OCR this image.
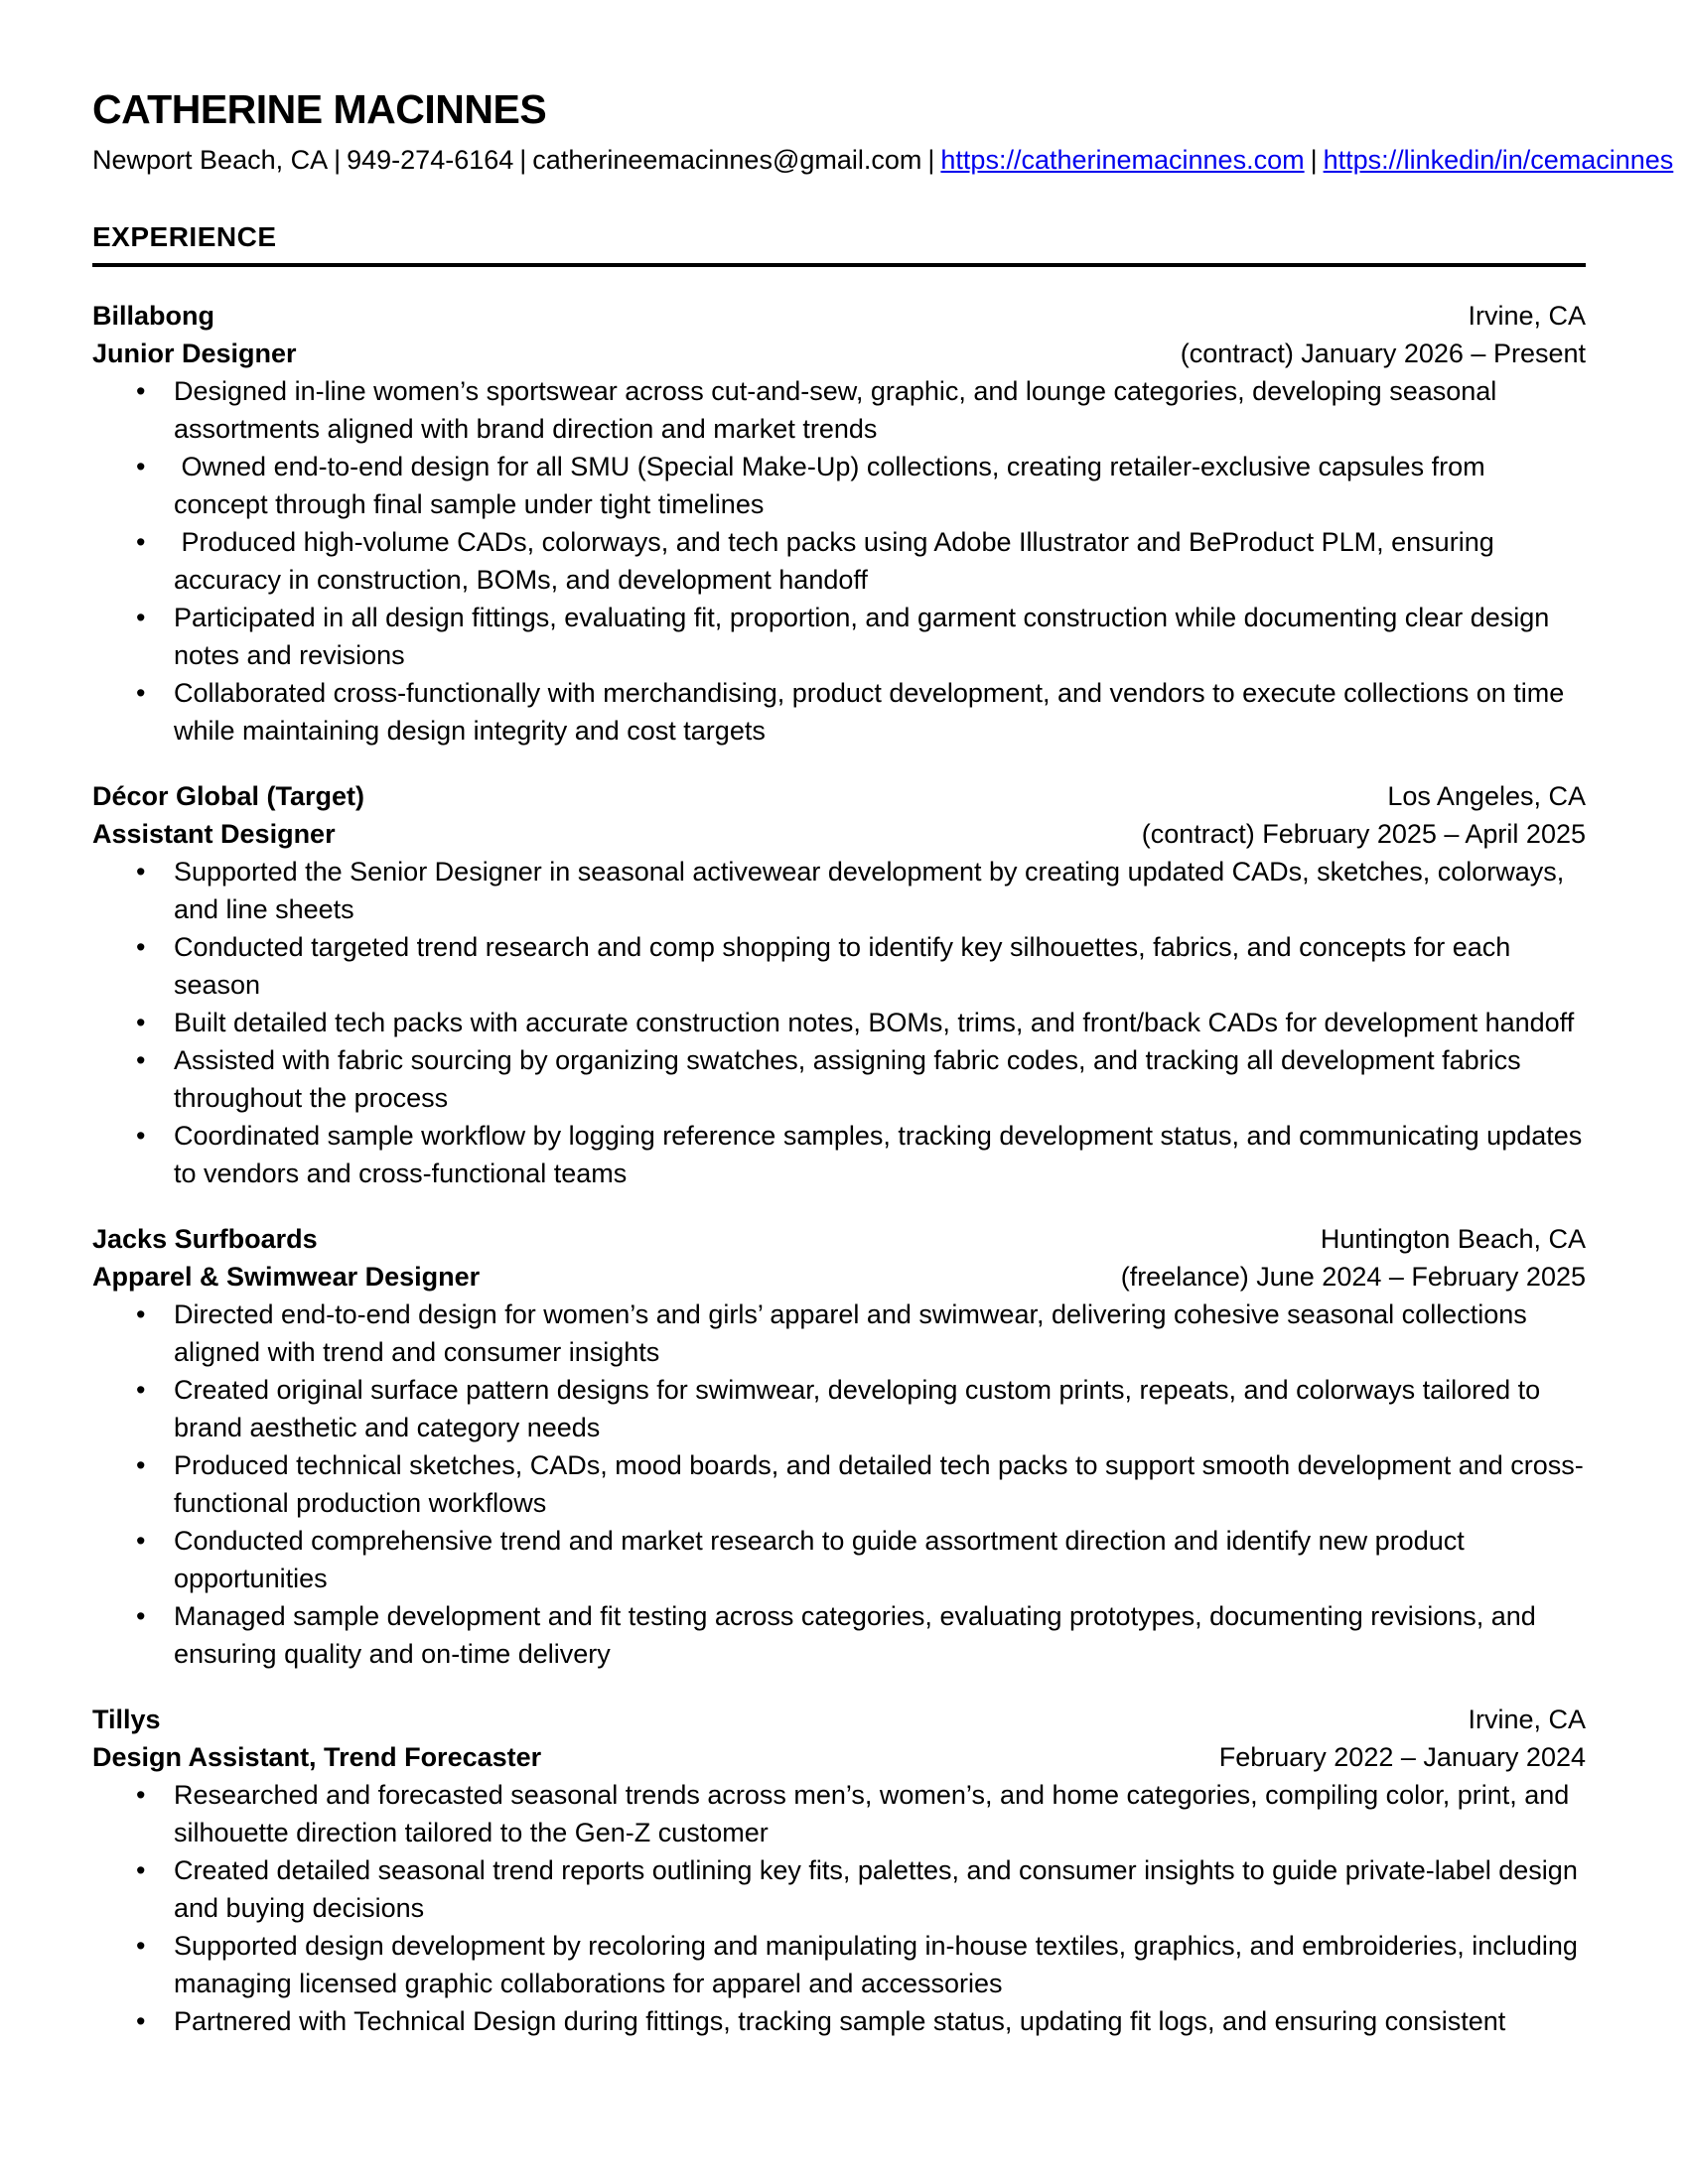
CATHERINE MACINNES

Newport Beach, CA | 949-274-6164 | catherineemacinnes@gmail.com | https://catherinemacinnes.com | https://linkedin/in/cemacinnes

EXPERIENCE
Billabong	Irvine, CA
Junior Designer	(contract) January 2026 – Present
• Designed in-line women’s sportswear across cut-and-sew, graphic, and lounge categories, developing seasonal assortments aligned with brand direction and market trends
•  Owned end-to-end design for all SMU (Special Make-Up) collections, creating retailer-exclusive capsules from concept through final sample under tight timelines
•  Produced high-volume CADs, colorways, and tech packs using Adobe Illustrator and BeProduct PLM, ensuring accuracy in construction, BOMs, and development handoff
• Participated in all design fittings, evaluating fit, proportion, and garment construction while documenting clear design notes and revisions
• Collaborated cross-functionally with merchandising, product development, and vendors to execute collections on time while maintaining design integrity and cost targets
Décor Global (Target)	Los Angeles, CA
Assistant Designer	(contract) February 2025 – April 2025
• Supported the Senior Designer in seasonal activewear development by creating updated CADs, sketches, colorways, and line sheets
• Conducted targeted trend research and comp shopping to identify key silhouettes, fabrics, and concepts for each season
• Built detailed tech packs with accurate construction notes, BOMs, trims, and front/back CADs for development handoff
• Assisted with fabric sourcing by organizing swatches, assigning fabric codes, and tracking all development fabrics throughout the process
• Coordinated sample workflow by logging reference samples, tracking development status, and communicating updates to vendors and cross-functional teams
Jacks Surfboards	Huntington Beach, CA
Apparel & Swimwear Designer	(freelance) June 2024 – February 2025
• Directed end-to-end design for women’s and girls’ apparel and swimwear, delivering cohesive seasonal collections aligned with trend and consumer insights
• Created original surface pattern designs for swimwear, developing custom prints, repeats, and colorways tailored to brand aesthetic and category needs
• Produced technical sketches, CADs, mood boards, and detailed tech packs to support smooth development and cross-functional production workflows
• Conducted comprehensive trend and market research to guide assortment direction and identify new product opportunities
• Managed sample development and fit testing across categories, evaluating prototypes, documenting revisions, and ensuring quality and on-time delivery
Tillys	Irvine, CA
Design Assistant, Trend Forecaster	February 2022 – January 2024
• Researched and forecasted seasonal trends across men’s, women’s, and home categories, compiling color, print, and silhouette direction tailored to the Gen-Z customer
• Created detailed seasonal trend reports outlining key fits, palettes, and consumer insights to guide private-label design and buying decisions
• Supported design development by recoloring and manipulating in-house textiles, graphics, and embroideries, including managing licensed graphic collaborations for apparel and accessories
• Partnered with Technical Design during fittings, tracking sample status, updating fit logs, and ensuring consistent
